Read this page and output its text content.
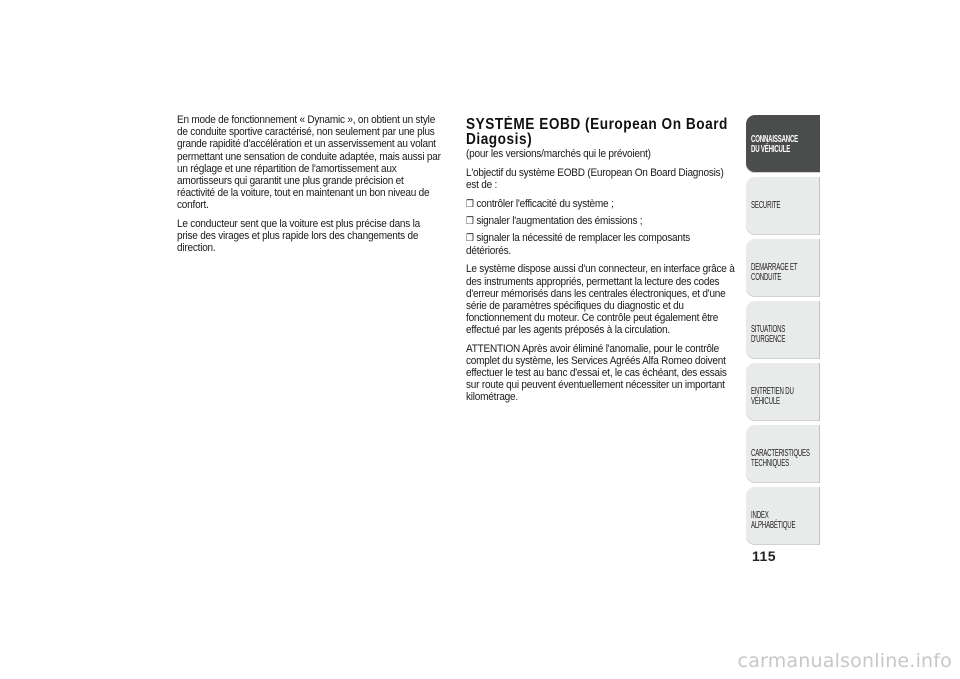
En mode de fonctionnement « Dynamic », on obtient un style de conduite sportive caractérisé, non seulement par une plus grande rapidité d'accélération et un asservissement au volant permettant une sensation de conduite adaptée, mais aussi par un réglage et une répartition de l'amortissement aux amortisseurs qui garantit une plus grande précision et réactivité de la voiture, tout en maintenant un bon niveau de confort.

Le conducteur sent que la voiture est plus précise dans la prise des virages et plus rapide lors des changements de direction.

SYSTÈME EOBD (European On Board Diagosis)
(pour les versions/marchés qui le prévoient)

L'objectif du système EOBD (European On Board Diagnosis) est de :

❒ contrôler l'efficacité du système ;
❒ signaler l'augmentation des émissions ;
❒ signaler la nécessité de remplacer les composants détériorés.

Le système dispose aussi d'un connecteur, en interface grâce à des instruments appropriés, permettant la lecture des codes d'erreur mémorisés dans les centrales électroniques, et d'une série de paramètres spécifiques du diagnostic et du fonctionnement du moteur. Ce contrôle peut également être effectué par les agents préposés à la circulation.

ATTENTION Après avoir éliminé l'anomalie, pour le contrôle complet du système, les Services Agréés Alfa Romeo doivent effectuer le test au banc d'essai et, le cas échéant, des essais sur route qui peuvent éventuellement nécessiter un important kilométrage.

CONNAISSANCE
DU VÉHICULE
SÉCURITÉ
DÉMARRAGE ET
CONDUITE
SITUATIONS
D'URGENCE
ENTRETIEN DU
VÉHICULE
CARACTÉRISTIQUES
TECHNIQUES
INDEX
ALPHABÉTIQUE
115
carmanualsonline.info
